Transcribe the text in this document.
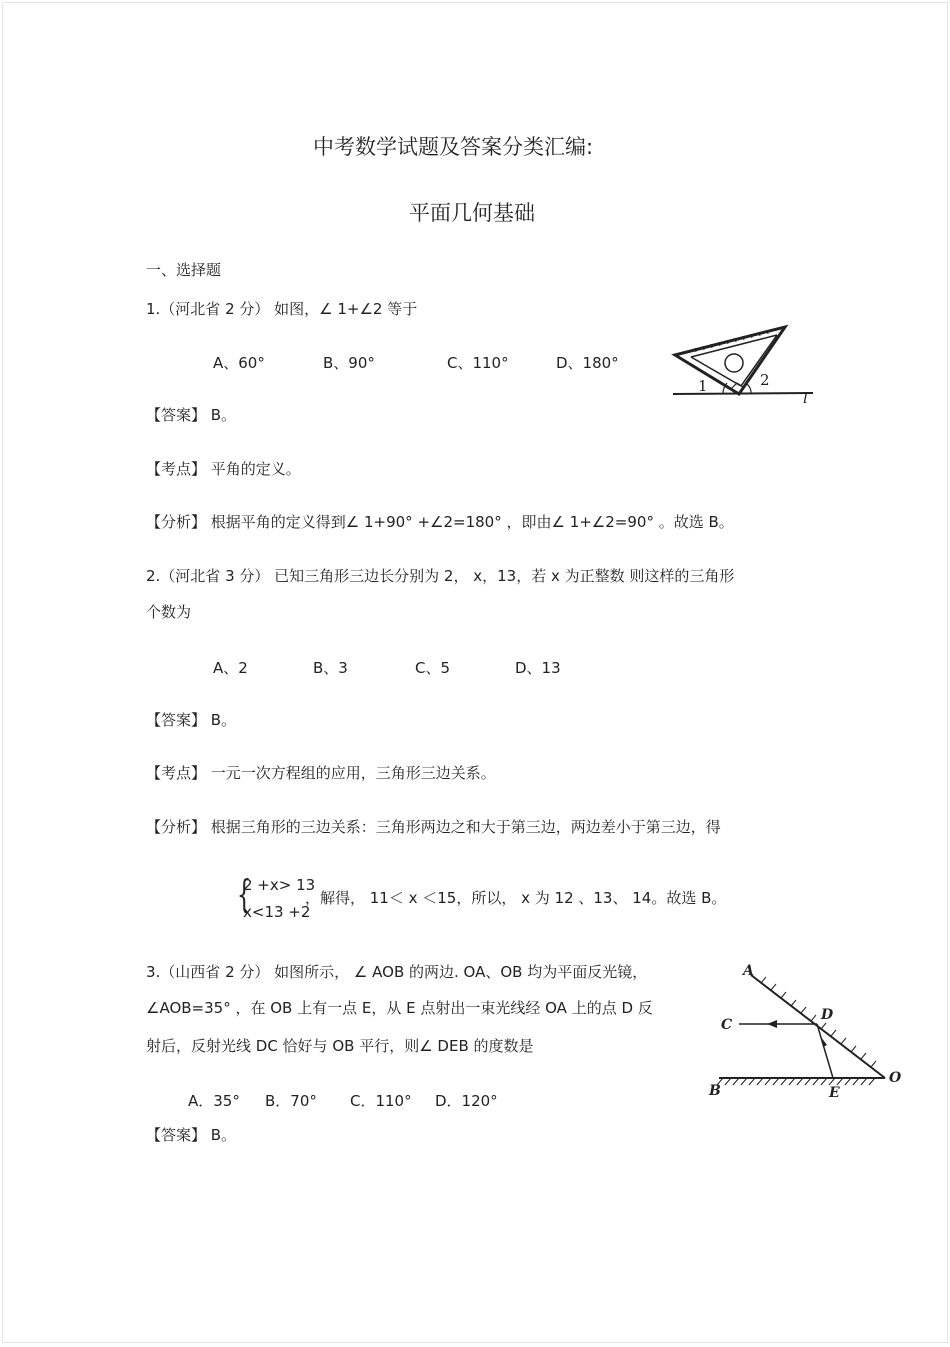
中考数学试题及答案分类汇编:
平面几何基础
一、选择题
1.（河北省 2 分） 如图，∠ 1+∠2 等于
A、60°	B、90°	C、110°	D、180°
1	2
l
【答案】 B。
【考点】 平角的定义。
【分析】 根据平角的定义得到∠ 1+90° +∠2=180° ，即由∠ 1+∠2=90° 。故选 B。
2.（河北省 3 分） 已知三角形三边长分别为 2， x，13，若 x 为正整数 则这样的三角形
个数为
A、2	B、3	C、5	D、13
【答案】 B。
【考点】 一元一次方程组的应用，三角形三边关系。
【分析】 根据三角形的三边关系：三角形两边之和大于第三边，两边差小于第三边，得
{
2 +x> 13
x<13 +2
，解得， 11＜ x ＜15，所以， x 为 12 、13、 14。故选 B。
3.（山西省 2 分） 如图所示， ∠ AOB 的两边. OA、OB 均为平面反光镜，
∠AOB=35° ，在 OB 上有一点 E，从 E 点射出一束光线经 OA 上的点 D 反
射后，反射光线 DC 恰好与 OB 平行，则∠ DEB 的度数是
A
C
D
B	E
O
A．35° B．70° C．110° D．120°
【答案】 B。
